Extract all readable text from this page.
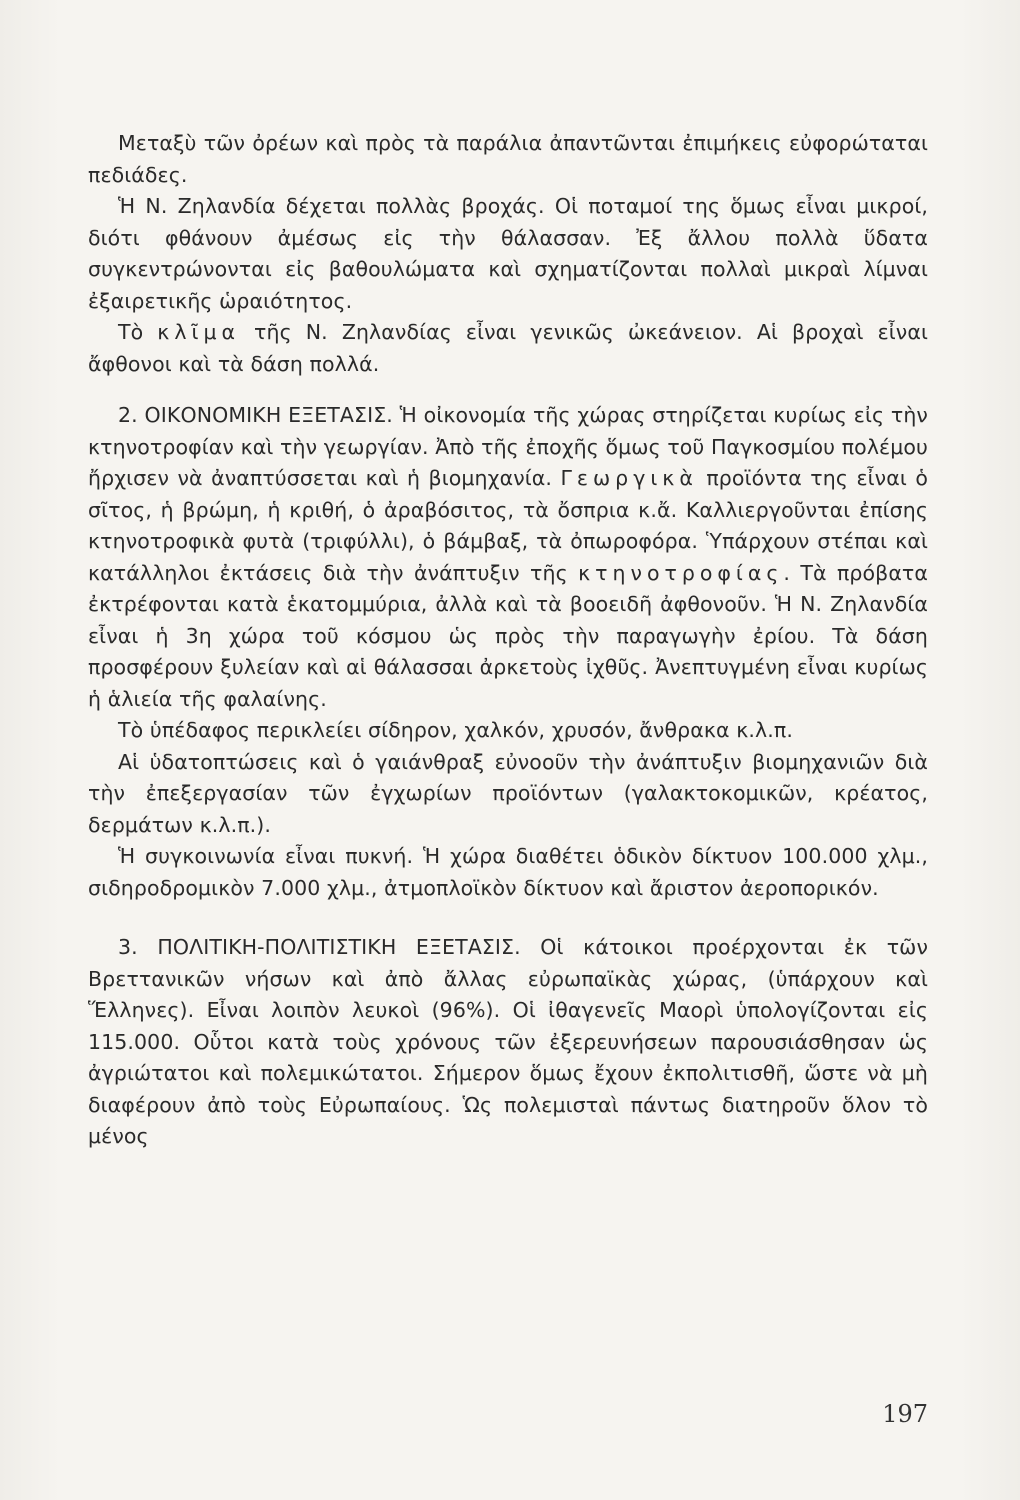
Μεταξὺ τῶν ὀρέων καὶ πρὸς τὰ παράλια ἀπαντῶνται ἐπιμήκεις εὐφορώταται πεδιάδες.

Ἡ Ν. Ζηλανδία δέχεται πολλὰς βροχάς. Οἱ ποταμοί της ὅμως εἶναι μικροί, διότι φθάνουν ἀμέσως εἰς τὴν θάλασσαν. Ἐξ ἄλλου πολλὰ ὕδατα συγκεντρώνονται εἰς βαθουλώματα καὶ σχηματίζονται πολλαὶ μικραὶ λίμναι ἐξαιρετικῆς ὡραιότητος.

Τὸ κλῖμα τῆς Ν. Ζηλανδίας εἶναι γενικῶς ὠκεάνειον. Αἱ βροχαὶ εἶναι ἄφθονοι καὶ τὰ δάση πολλά.

2. ΟΙΚΟΝΟΜΙΚΗ ΕΞΕΤΑΣΙΣ. Ἡ οἰκονομία τῆς χώρας στηρίζεται κυρίως εἰς τὴν κτηνοτροφίαν καὶ τὴν γεωργίαν. Ἀπὸ τῆς ἐποχῆς ὅμως τοῦ Παγκοσμίου πολέμου ἤρχισεν νὰ ἀναπτύσσεται καὶ ἡ βιομηχανία. Γεωργικὰ προϊόντα της εἶναι ὁ σῖτος, ἡ βρώμη, ἡ κριθή, ὁ ἀραβόσιτος, τὰ ὄσπρια κ.ἄ. Καλλιεργοῦνται ἐπίσης κτηνοτροφικὰ φυτὰ (τριφύλλι), ὁ βάμβαξ, τὰ ὀπωροφόρα. Ὑπάρχουν στέπαι καὶ κατάλληλοι ἐκτάσεις διὰ τὴν ἀνάπτυξιν τῆς κτηνοτροφίας. Τὰ πρόβατα ἐκτρέφονται κατὰ ἑκατομμύρια, ἀλλὰ καὶ τὰ βοοειδῆ ἀφθονοῦν. Ἡ Ν. Ζηλανδία εἶναι ἡ 3η χώρα τοῦ κόσμου ὡς πρὸς τὴν παραγωγὴν ἐρίου. Τὰ δάση προσφέρουν ξυλείαν καὶ αἱ θάλασσαι ἀρκετοὺς ἰχθῦς. Ἀνεπτυγμένη εἶναι κυρίως ἡ ἁλιεία τῆς φαλαίνης.

Τὸ ὑπέδαφος περικλείει σίδηρον, χαλκόν, χρυσόν, ἄνθρακα κ.λ.π.

Αἱ ὑδατοπτώσεις καὶ ὁ γαιάνθραξ εὐνοοῦν τὴν ἀνάπτυξιν βιομηχανιῶν διὰ τὴν ἐπεξεργασίαν τῶν ἐγχωρίων προϊόντων (γαλακτοκομικῶν, κρέατος, δερμάτων κ.λ.π.).

Ἡ συγκοινωνία εἶναι πυκνή. Ἡ χώρα διαθέτει ὁδικὸν δίκτυον 100.000 χλμ., σιδηροδρομικὸν 7.000 χλμ., ἀτμοπλοϊκὸν δίκτυον καὶ ἄριστον ἀεροπορικόν.

3. ΠΟΛΙΤΙΚΗ-ΠΟΛΙΤΙΣΤΙΚΗ ΕΞΕΤΑΣΙΣ. Οἱ κάτοικοι προέρχονται ἐκ τῶν Βρεττανικῶν νήσων καὶ ἀπὸ ἄλλας εὐρωπαϊκὰς χώρας, (ὑπάρχουν καὶ Ἕλληνες). Εἶναι λοιπὸν λευκοὶ (96%). Οἱ ἰθαγενεῖς Μαορὶ ὑπολογίζονται εἰς 115.000. Οὗτοι κατὰ τοὺς χρόνους τῶν ἐξερευνήσεων παρουσιάσθησαν ὡς ἀγριώτατοι καὶ πολεμικώτατοι. Σήμερον ὅμως ἔχουν ἐκπολιτισθῆ, ὥστε νὰ μὴ διαφέρουν ἀπὸ τοὺς Εὐρωπαίους. Ὡς πολεμισταὶ πάντως διατηροῦν ὅλον τὸ μένος

197
